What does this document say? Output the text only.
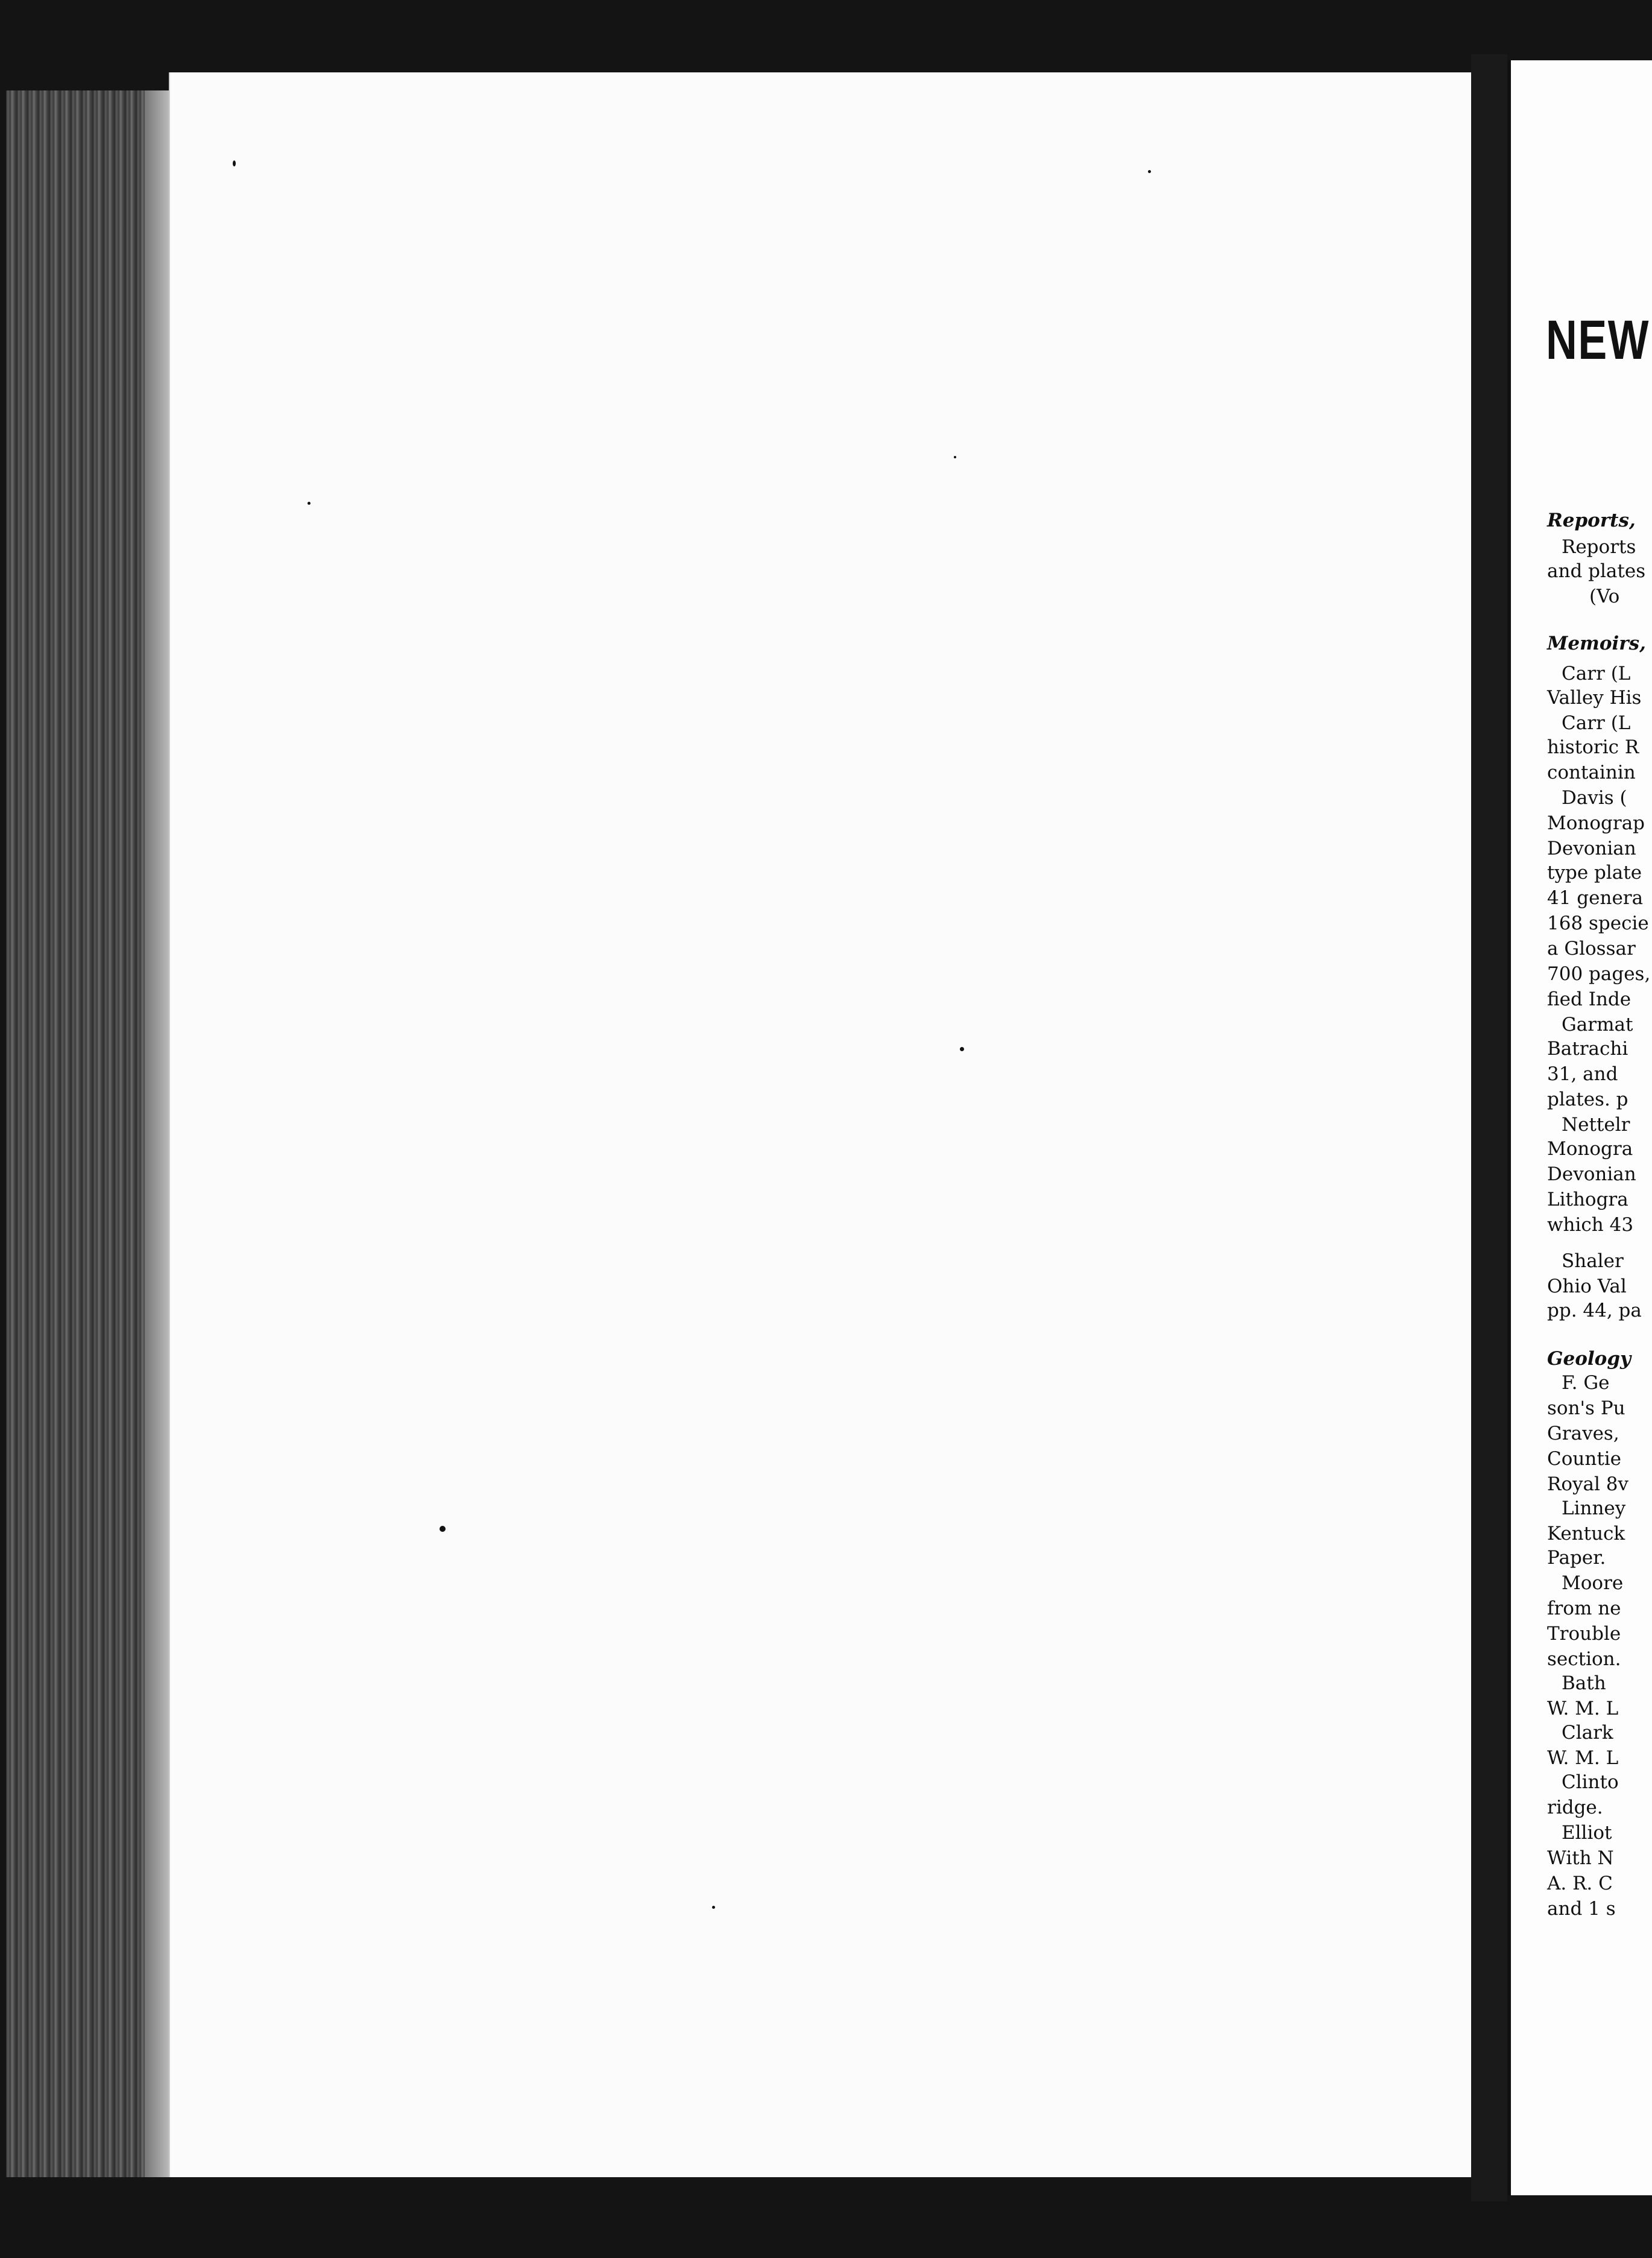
NEW
Reports,
Reports
and plates
(Vo
Memoirs,
Carr (L
Valley His
Carr (L
historic R
containin
Davis (
Monograp
Devonian
type plate
41 genera
168 specie
a Glossar
700 pages,
fied Inde
Garmat
Batrachi
31, and
plates. p
Nettelr
Monogra
Devonian
Lithogra
which 43
Shaler
Ohio Val
pp. 44, pa
Geology
F. Ge
son's Pu
Graves,
Countie
Royal 8v
Linney
Kentuck
Paper.
Moore
from ne
Trouble
section.
Bath
W. M. L
Clark
W. M. L
Clinto
ridge.
Elliot
With N
A. R. C
and 1 s
